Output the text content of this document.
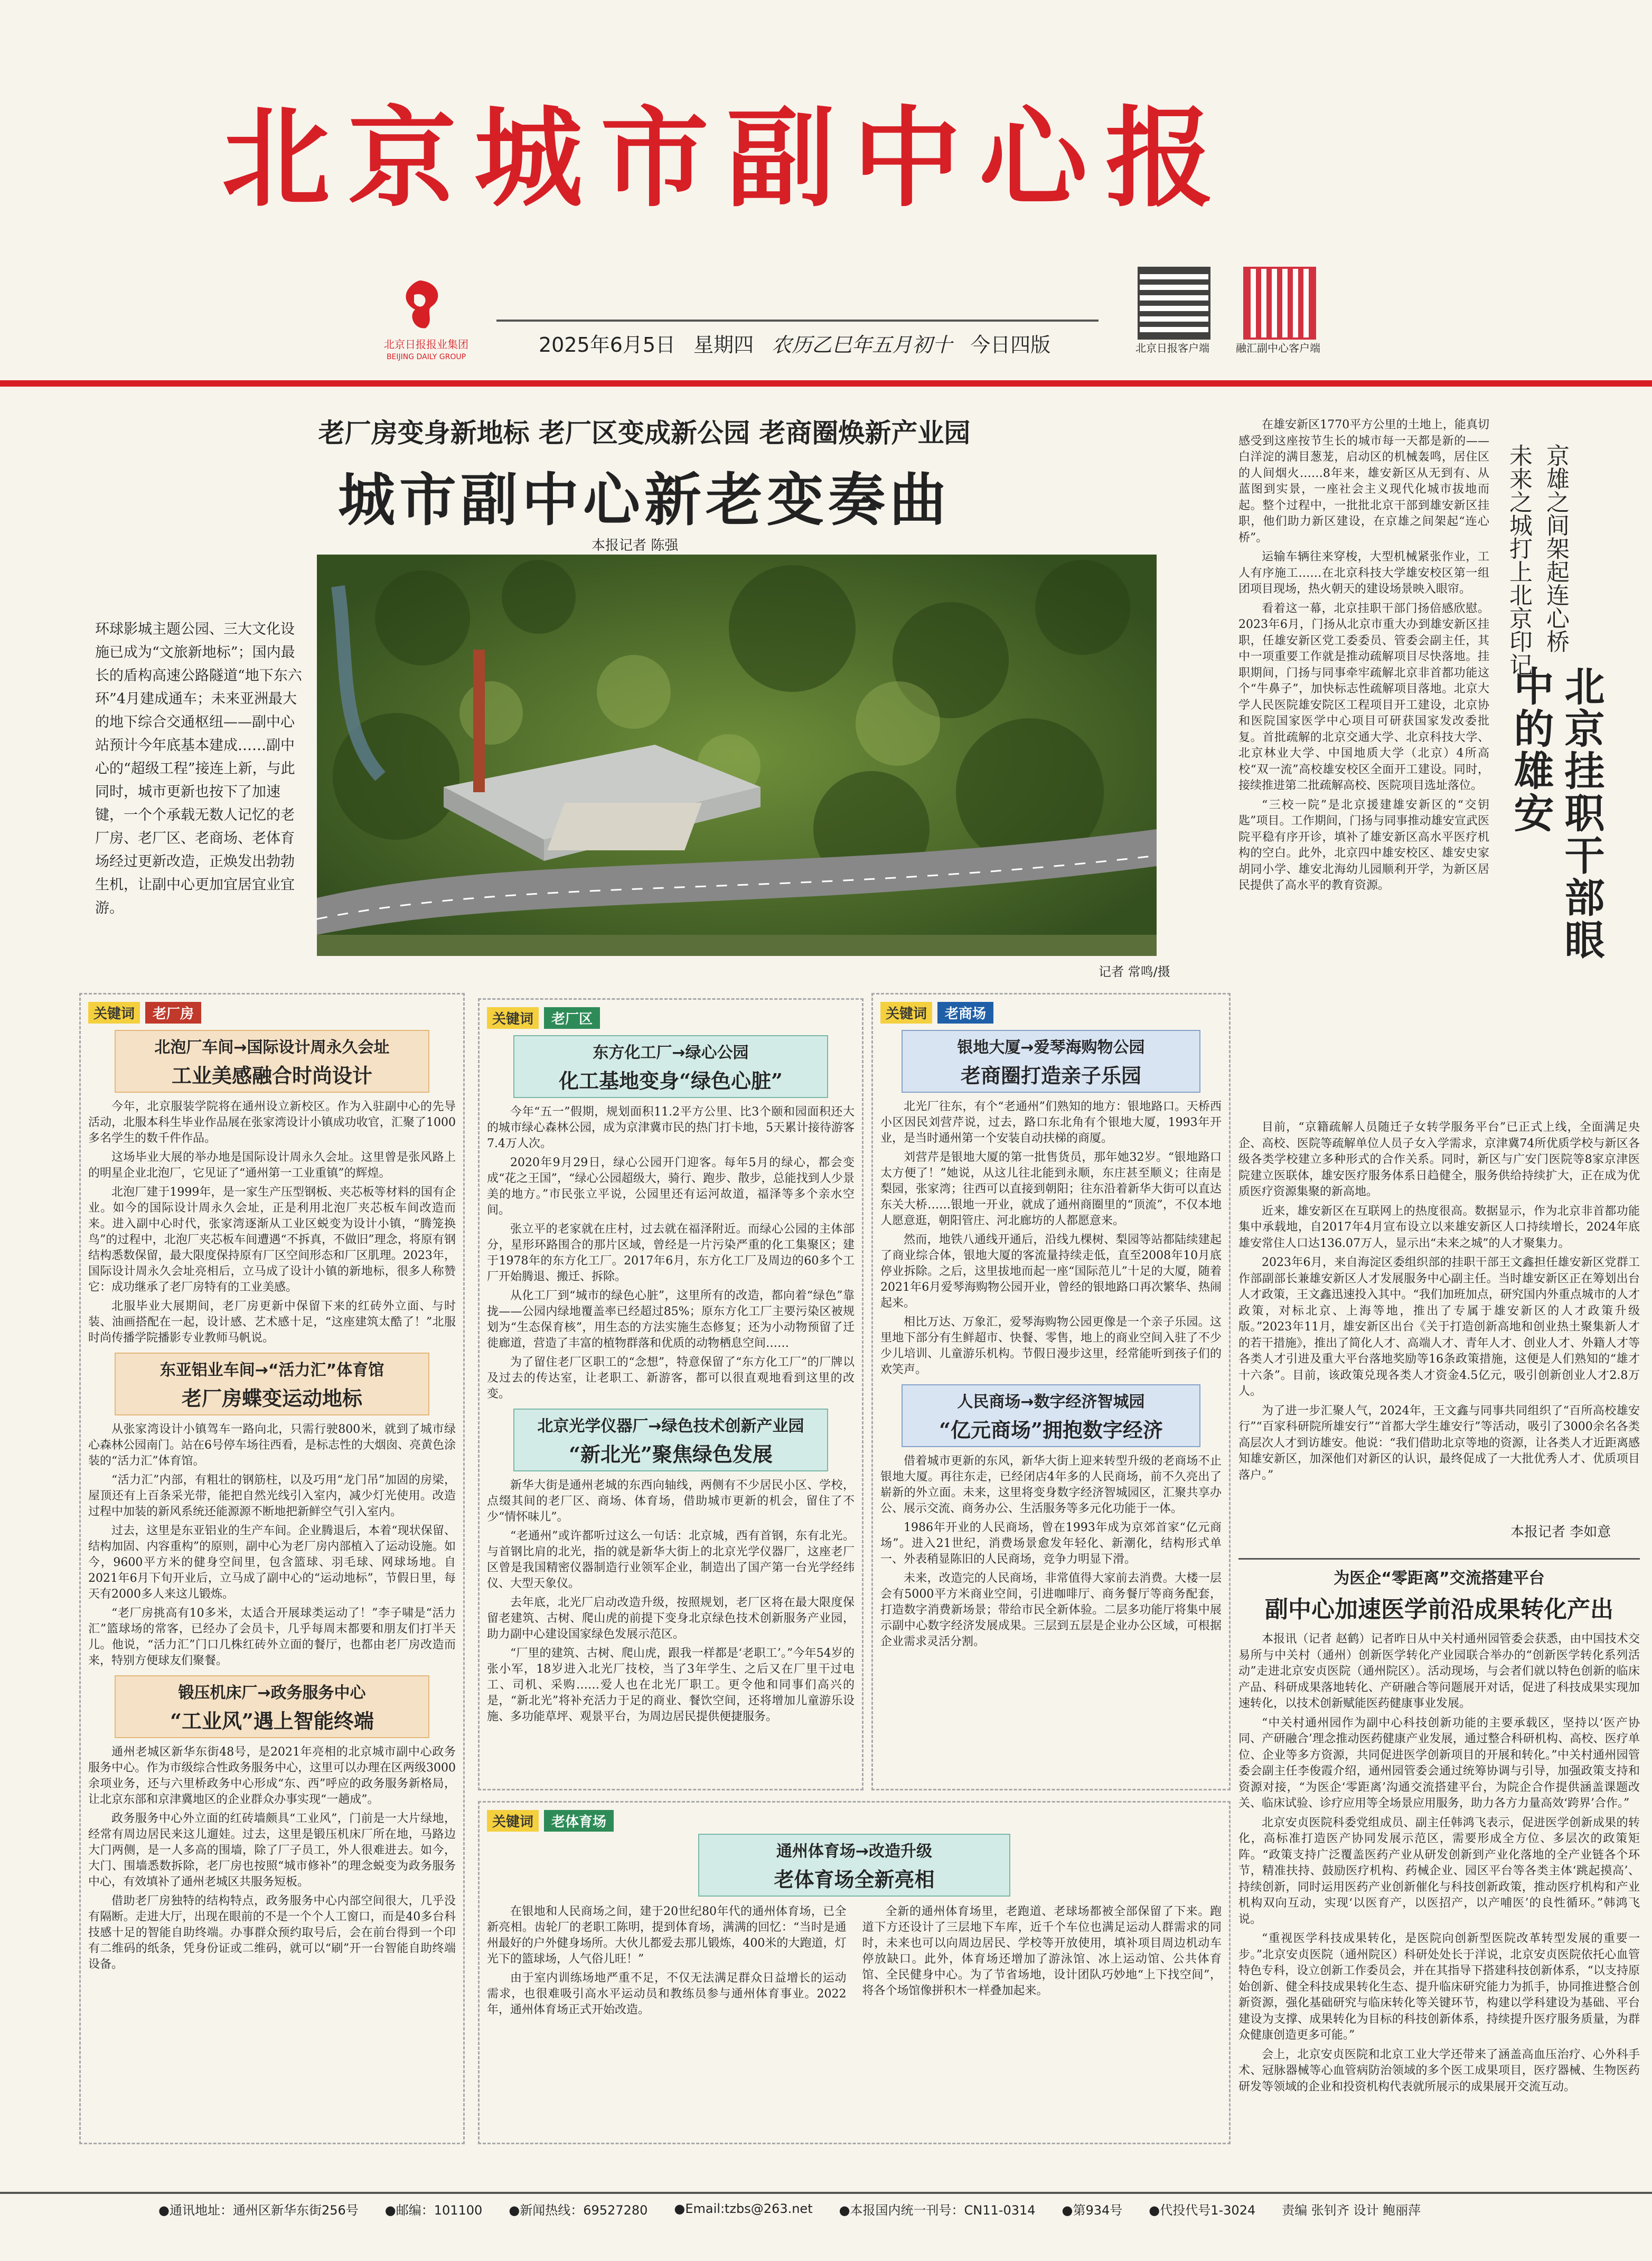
北京城市副中心报
北京日报报业集团
BEIJING DAILY GROUP
2025年6月5日 星期四 农历乙巳年五月初十 今日四版	北京日报客户端	融汇副中心客户端
老厂房变身新地标 老厂区变成新公园 老商圈焕新产业园
城市副中心新老变奏曲
本报记者 陈强
记者 常鸣/摄
环球影城主题公园、三大文化设施已成为“文旅新地标”；国内最长的盾构高速公路隧道“地下东六环”4月建成通车；未来亚洲最大的地下综合交通枢纽——副中心站预计今年底基本建成……副中心的“超级工程”接连上新，与此同时，城市更新也按下了加速键，一个个承载无数人记忆的老厂房、老厂区、老商场、老体育场经过更新改造，正焕发出勃勃生机，让副中心更加宜居宜业宜游。

在雄安新区1770平方公里的土地上，能真切感受到这座按节生长的城市每一天都是新的——白洋淀的满目葱茏，启动区的机械轰鸣，居住区的人间烟火……8年来，雄安新区从无到有、从蓝图到实景，一座社会主义现代化城市拔地而起。整个过程中，一批批北京干部到雄安新区挂职，他们助力新区建设，在京雄之间架起“连心桥”。

运输车辆往来穿梭，大型机械紧张作业，工人有序施工……在北京科技大学雄安校区第一组团项目现场，热火朝天的建设场景映入眼帘。

看着这一幕，北京挂职干部门扬倍感欣慰。2023年6月，门扬从北京市重大办到雄安新区挂职，任雄安新区党工委委员、管委会副主任，其中一项重要工作就是推动疏解项目尽快落地。挂职期间，门扬与同事牵牢疏解北京非首都功能这个“牛鼻子”，加快标志性疏解项目落地。北京大学人民医院雄安院区工程项目开工建设，北京协和医院国家医学中心项目可研获国家发改委批复。首批疏解的北京交通大学、北京科技大学、北京林业大学、中国地质大学（北京）4所高校“双一流”高校雄安校区全面开工建设。同时，接续推进第二批疏解高校、医院项目选址落位。

“三校一院”是北京援建雄安新区的“交钥匙”项目。工作期间，门扬与同事推动雄安宣武医院平稳有序开诊，填补了雄安新区高水平医疗机构的空白。此外，北京四中雄安校区、雄安史家胡同小学、雄安北海幼儿园顺利开学，为新区居民提供了高水平的教育资源。

未来之城打上北京印记 京雄之间架起连心桥
北京挂职干部眼中的雄安

目前，“京籍疏解人员随迁子女转学服务平台”已正式上线，全面满足央企、高校、医院等疏解单位人员子女入学需求，京津冀74所优质学校与新区各级各类学校建立多种形式的合作关系。同时，新区与广安门医院等8家京津医院建立医联体，雄安医疗服务体系日趋健全，服务供给持续扩大，正在成为优质医疗资源集聚的新高地。

近来，雄安新区在互联网上的热度很高。数据显示，作为北京非首都功能集中承载地，自2017年4月宣布设立以来雄安新区人口持续增长，2024年底雄安常住人口达136.07万人，显示出“未来之城”的人才聚集力。

2023年6月，来自海淀区委组织部的挂职干部王文鑫担任雄安新区党群工作部副部长兼雄安新区人才发展服务中心副主任。当时雄安新区正在筹划出台人才政策，王文鑫迅速投入其中。“我们加班加点，研究国内外重点城市的人才政策，对标北京、上海等地，推出了专属于雄安新区的人才政策升级版。”2023年11月，雄安新区出台《关于打造创新高地和创业热土聚集新人才的若干措施》，推出了简化人才、高端人才、青年人才、创业人才、外籍人才等各类人才引进及重大平台落地奖励等16条政策措施，这便是人们熟知的“雄才十六条”。目前，该政策兑现各类人才资金4.5亿元，吸引创新创业人才2.8万人。

为了进一步汇聚人气，2024年，王文鑫与同事共同组织了“百所高校雄安行”“百家科研院所雄安行”“首都大学生雄安行”等活动，吸引了3000余名各类高层次人才到访雄安。他说：“我们借助北京等地的资源，让各类人才近距离感知雄安新区，加深他们对新区的认识，最终促成了一大批优秀人才、优质项目落户。”

本报记者 李如意
为医企“零距离”交流搭建平台
副中心加速医学前沿成果转化产出

本报讯（记者 赵鹤）记者昨日从中关村通州园管委会获悉，由中国技术交易所与中关村（通州）创新医学转化产业园联合举办的“创新医学转化系列活动”走进北京安贞医院（通州院区）。活动现场，与会者们就以特色创新的临床产品、科研成果落地转化、产研融合等问题展开对话，促进了科技成果实现加速转化，以技术创新赋能医药健康事业发展。

“中关村通州园作为副中心科技创新功能的主要承载区，坚持以‘医产协同、产研融合’理念推动医药健康产业发展，通过整合科研机构、高校、医疗单位、企业等多方资源，共同促进医学创新项目的开展和转化。”中关村通州园管委会副主任李俊霞介绍，通州园管委会通过统筹协调与引导，加强政策支持和资源对接，“为医企‘零距离’沟通交流搭建平台，为院企合作提供涵盖课题改关、临床试验、诊疗应用等全场景应用服务，助力各方力量高效‘跨界’合作。”

北京安贞医院科委党组成员、副主任韩鸿飞表示，促进医学创新成果的转化，高标准打造医产协同发展示范区，需要形成全方位、多层次的政策矩阵。“政策支持广泛覆盖医药产业从研发创新到产业化落地的全产业链各个环节，精准扶持、鼓励医疗机构、药械企业、园区平台等各类主体‘跳起摸高’、持续创新，同时运用医药产业创新催化与科技创新政策，推动医疗机构和产业机构双向互动，实现‘以医育产，以医招产，以产哺医’的良性循环。”韩鸿飞说。

“重视医学科技成果转化，是医院向创新型医院改革转型发展的重要一步。”北京安贞医院（通州院区）科研处处长于洋说，北京安贞医院依托心血管特色专科，设立创新工作委员会，并在其指导下搭建科技创新体系，“以支持原始创新、健全科技成果转化生态、提升临床研究能力为抓手，协同推进整合创新资源，强化基础研究与临床转化等关键环节，构建以学科建设为基础、平台建设为支撑、成果转化为目标的科技创新体系，持续提升医疗服务质量，为群众健康创造更多可能。”

会上，北京安贞医院和北京工业大学还带来了涵盖高血压治疗、心外科手术、冠脉器械等心血管病防治领域的多个医工成果项目，医疗器械、生物医药研发等领域的企业和投资机构代表就所展示的成果展开交流互动。

关键词	老厂房
北泡厂车间→国际设计周永久会址
工业美感融合时尚设计

今年，北京服装学院将在通州设立新校区。作为入驻副中心的先导活动，北服本科生毕业作品展在张家湾设计小镇成功收官，汇聚了1000多名学生的数千件作品。

这场毕业大展的举办地是国际设计周永久会址。这里曾是张风路上的明星企业北泡厂，它见证了“通州第一工业重镇”的辉煌。

北泡厂建于1999年，是一家生产压型钢板、夹芯板等材料的国有企业。如今的国际设计周永久会址，正是利用北泡厂夹芯板车间改造而来。进入副中心时代，张家湾逐渐从工业区蜕变为设计小镇，“腾笼换鸟”的过程中，北泡厂夹芯板车间遭遇“不拆真，不做旧”理念，将原有钢结构悉数保留，最大限度保持原有厂区空间形态和厂区肌理。2023年，国际设计周永久会址亮相后，立马成了设计小镇的新地标，很多人称赞它：成功继承了老厂房特有的工业美感。

北服毕业大展期间，老厂房更新中保留下来的红砖外立面、与时装、油画搭配在一起，设计感、艺术感十足，“这座建筑太酷了！”北服时尚传播学院播影专业教师马帆说。

东亚铝业车间→“活力汇”体育馆
老厂房蝶变运动地标

从张家湾设计小镇驾车一路向北，只需行驶800米，就到了城市绿心森林公园南门。站在6号停车场往西看，是标志性的大烟囱、亮黄色涂装的“活力汇”体育馆。

“活力汇”内部，有粗壮的钢筋柱，以及巧用“龙门吊”加固的房梁，屋顶还有上百条采光带，能把自然光线引入室内，减少灯光使用。改造过程中加装的新风系统还能源源不断地把新鲜空气引入室内。

过去，这里是东亚铝业的生产车间。企业腾退后，本着“现状保留、结构加固、内容重构”的原则，副中心为老厂房内部植入了运动设施。如今，9600平方米的健身空间里，包含篮球、羽毛球、网球场地。自2021年6月下旬开业后，立马成了副中心的“运动地标”，节假日里，每天有2000多人来这儿锻炼。

“老厂房挑高有10多米，太适合开展球类运动了！”李子啸是“活力汇”篮球场的常客，已经办了会员卡，几乎每周末都要和朋友们打半天儿。他说，“活力汇”门口几株红砖外立面的餐厅，也都由老厂房改造而来，特别方便球友们聚餐。

锻压机床厂→政务服务中心
“工业风”遇上智能终端

通州老城区新华东街48号，是2021年亮相的北京城市副中心政务服务中心。作为市级综合性政务服务中心，这里可以办理在区两级3000余项业务，还与六里桥政务中心形成“东、西”呼应的政务服务新格局，让北京东部和京津冀地区的企业群众办事实现“一趟成”。

政务服务中心外立面的红砖墙颇具“工业风”，门前是一大片绿地，经常有周边居民来这儿遛娃。过去，这里是锻压机床厂所在地，马路边大门两侧，是一人多高的围墙，除了厂子员工，外人很难进去。如今，大门、围墙悉数拆除，老厂房也按照“城市修补”的理念蜕变为政务服务中心，有效填补了通州老城区共服务短板。

借助老厂房独特的结构特点，政务服务中心内部空间很大，几乎没有隔断。走进大厅，出现在眼前的不是一个个人工窗口，而是40多台科技感十足的智能自助终端。办事群众预约取号后，会在前台得到一个印有二维码的纸条，凭身份证或二维码，就可以“刷”开一台智能自助终端设备。

关键词	老厂区
东方化工厂→绿心公园
化工基地变身“绿色心脏”

今年“五一”假期，规划面积11.2平方公里、比3个颐和园面积还大的城市绿心森林公园，成为京津冀市民的热门打卡地，5天累计接待游客7.4万人次。

2020年9月29日，绿心公园开门迎客。每年5月的绿心，都会变成“花之王国”，“绿心公园超级大，骑行、跑步、散步，总能找到人少景美的地方。”市民张立平说，公园里还有运河故道，福泽等多个亲水空间。

张立平的老家就在庄村，过去就在福泽附近。而绿心公园的主体部分，星形环路围合的那片区域，曾经是一片污染严重的化工集聚区；建于1978年的东方化工厂。2017年6月，东方化工厂及周边的60多个工厂开始腾退、搬迁、拆除。

从化工厂到“城市的绿色心脏”，这里所有的改造，都向着“绿色”靠拢——公园内绿地覆盖率已经超过85%；原东方化工厂主要污染区被规划为“生态保育核”，用生态的方法实施生态修复；还为小动物预留了迁徙廊道，营造了丰富的植物群落和优质的动物栖息空间……

为了留住老厂区职工的“念想”，特意保留了“东方化工厂”的厂牌以及过去的传达室，让老职工、新游客，都可以很直观地看到这里的改变。

北京光学仪器厂→绿色技术创新产业园
“新北光”聚焦绿色发展

新华大街是通州老城的东西向轴线，两侧有不少居民小区、学校，点缀其间的老厂区、商场、体育场，借助城市更新的机会，留住了不少“情怀味儿”。

“老通州”或许都听过这么一句话：北京城，西有首钢，东有北光。与首钢比肩的北光，指的就是新华大街上的北京光学仪器厂，这座老厂区曾是我国精密仪器制造行业领军企业，制造出了国产第一台光学经纬仪、大型天象仪。

去年底，北光厂启动改造升级，按照规划，老厂区将在最大限度保留老建筑、古树、爬山虎的前提下变身北京绿色技术创新服务产业园，助力副中心建设国家绿色发展示范区。

“厂里的建筑、古树、爬山虎，跟我一样都是‘老职工’。”今年54岁的张小军，18岁进入北光厂技校，当了3年学生、之后又在厂里干过电工、司机、采购……爱人也在北光厂职工。更令他和同事们高兴的是，“新北光”将补充活力于足的商业、餐饮空间，还将增加儿童游乐设施、多功能草坪、观景平台，为周边居民提供便捷服务。

关键词	老商场
银地大厦→爱琴海购物公园
老商圈打造亲子乐园

北光厂往东，有个“老通州”们熟知的地方：银地路口。天桥西小区因民刘营芹说，过去，路口东北角有个银地大厦，1993年开业，是当时通州第一个安装自动扶梯的商厦。

刘营芹是银地大厦的第一批售货员，那年她32岁。“银地路口太方便了！”她说，从这儿往北能到永顺，东庄甚至顺义；往南是梨园，张家湾；往西可以直接到朝阳；往东沿着新华大街可以直达东关大桥……银地一开业，就成了通州商圈里的“顶流”，不仅本地人愿意逛，朝阳管庄、河北廊坊的人都愿意来。

然而，地铁八通线开通后，沿线九棵树、梨园等站都陆续建起了商业综合体，银地大厦的客流量持续走低，直至2008年10月底停业拆除。之后，这里拔地而起一座“国际范儿”十足的大厦，随着2021年6月爱琴海购物公园开业，曾经的银地路口再次繁华、热闹起来。

相比万达、万象汇，爱琴海购物公园更像是一个亲子乐园。这里地下部分有生鲜超市、快餐、零售，地上的商业空间入驻了不少少儿培训、儿童游乐机构。节假日漫步这里，经常能听到孩子们的欢笑声。

人民商场→数字经济智城园
“亿元商场”拥抱数字经济

借着城市更新的东风，新华大街上迎来转型升级的老商场不止银地大厦。再往东走，已经闭店4年多的人民商场，前不久亮出了崭新的外立面。未来，这里将变身数字经济智城园区，汇聚共享办公、展示交流、商务办公、生活服务等多元化功能于一体。

1986年开业的人民商场，曾在1993年成为京郊首家“亿元商场”。进入21世纪，消费场景愈发年轻化、新潮化，结构形式单一、外表稍显陈旧的人民商场，竞争力明显下滑。

未来，改造完的人民商场，非常值得大家前去消费。大楼一层会有5000平方米商业空间，引进咖啡厅、商务餐厅等商务配套，打造数字消费新场景；带给市民全新体验。二层多功能厅将集中展示副中心数字经济发展成果。三层到五层是企业办公区域，可根据企业需求灵活分割。

关键词	老体育场
通州体育场→改造升级
老体育场全新亮相

在银地和人民商场之间，建于20世纪80年代的通州体育场，已全新亮相。齿轮厂的老职工陈明，提到体育场，满满的回忆：“当时是通州最好的户外健身场所。大伙儿都爱去那儿锻炼，400米的大跑道，灯光下的篮球场，人气俗儿旺！”

由于室内训练场地严重不足，不仅无法满足群众日益增长的运动需求，也很难吸引高水平运动员和教练员参与通州体育事业。2022年，通州体育场正式开始改造。

全新的通州体育场里，老跑道、老球场都被全部保留了下来。跑道下方还设计了三层地下车库，近千个车位也满足运动人群需求的同时，未来也可以向周边居民、学校等开放使用，填补项目周边机动车停放缺口。此外，体育场还增加了游泳馆、冰上运动馆、公共体育馆、全民健身中心。为了节省场地，设计团队巧妙地“上下找空间”，将各个场馆像拼积木一样叠加起来。

●通讯地址：通州区新华东街256号 ●邮编：101100 ●新闻热线：69527280 ●Email:tzbs@263.net ●本报国内统一刊号：CN11-0314 ●第934号 ●代投代号1-3024 责编 张钊齐 设计 鲍丽萍
